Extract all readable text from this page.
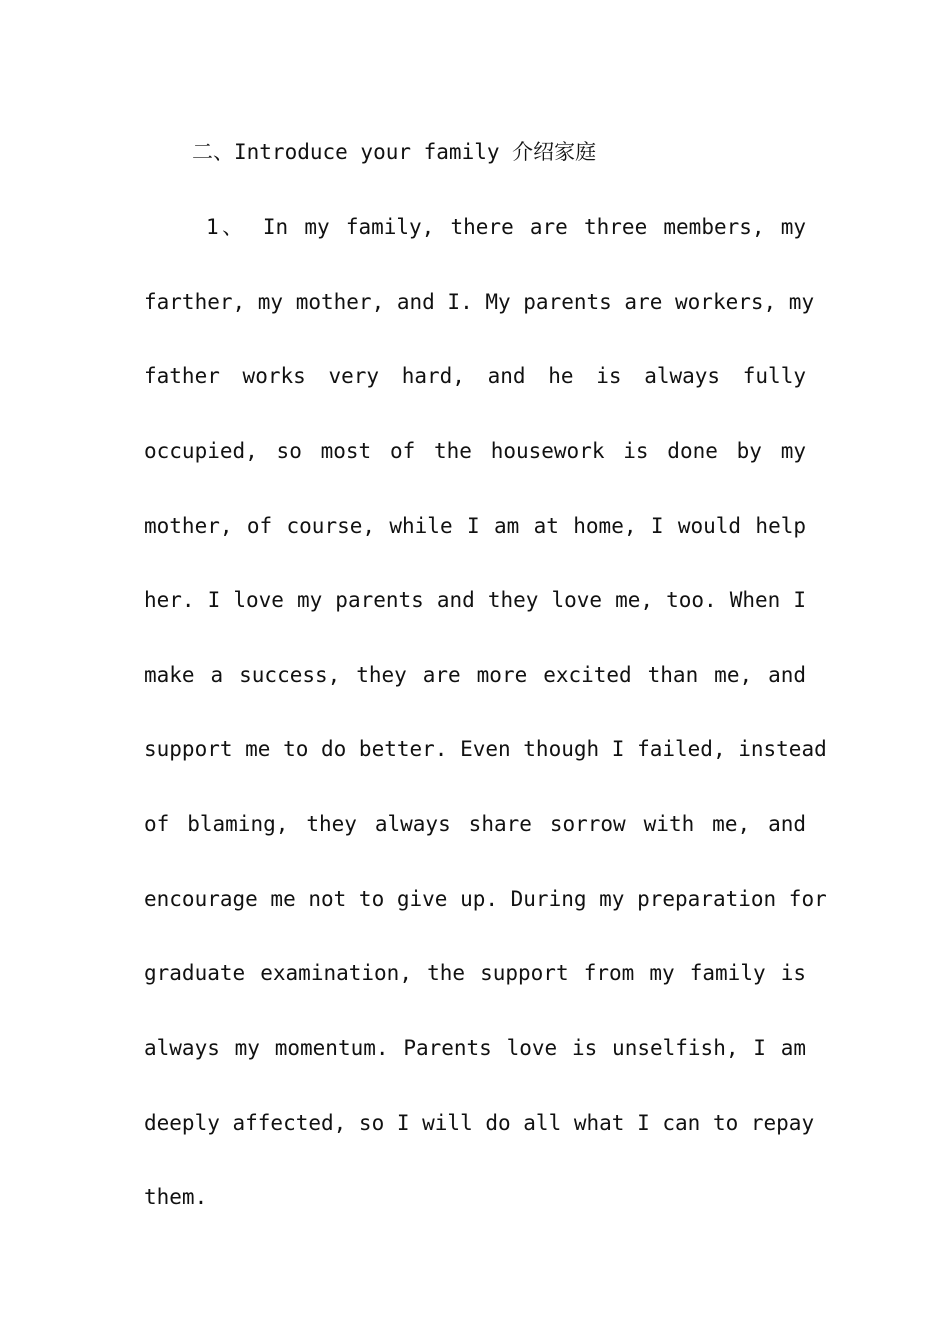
二、Introduce your family 介绍家庭
1、 In my family, there are three members, my
farther, my mother, and I. My parents are workers, my
father works very hard, and he is always fully
occupied, so most of the housework is done by my
mother, of course, while I am at home, I would help
her. I love my parents and they love me, too. When I
make a success, they are more excited than me, and
support me to do better. Even though I failed, instead
of blaming, they always share sorrow with me, and
encourage me not to give up. During my preparation for
graduate examination, the support from my family is
always my momentum. Parents love is unselfish, I am
deeply affected, so I will do all what I can to repay
them.
